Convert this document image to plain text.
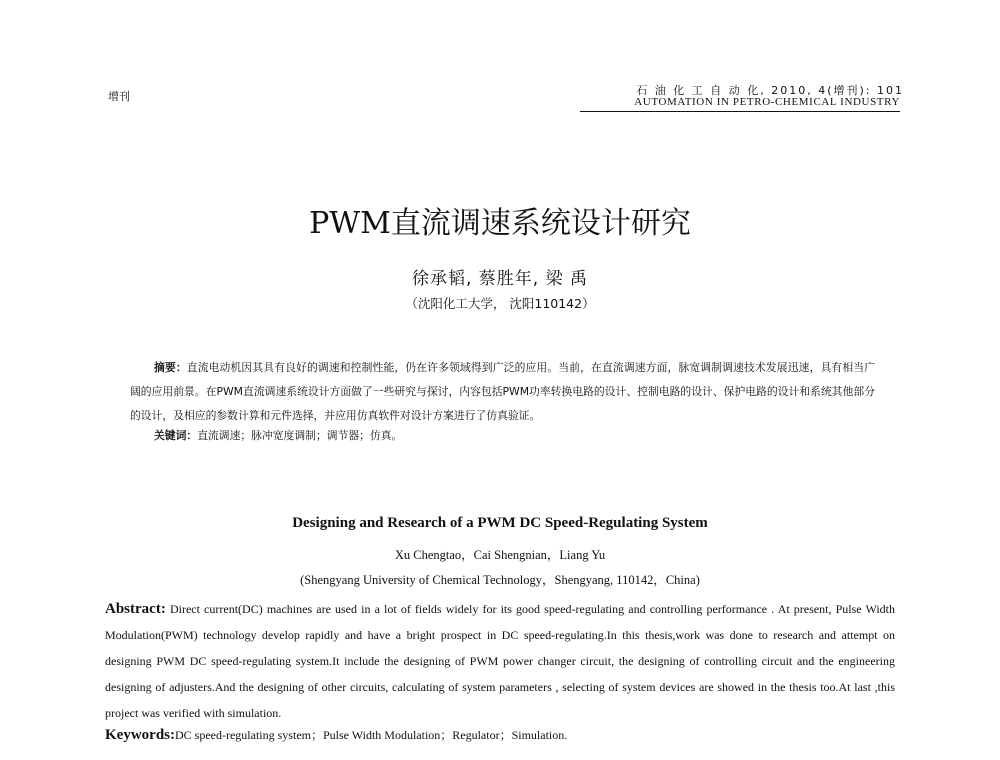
增刊	石 油 化 工 自 动 化, 2010, 4(增刊): 101
AUTOMATION IN PETRO-CHEMICAL INDUSTRY
PWM直流调速系统设计研究
徐承韬, 蔡胜年, 梁 禹
（沈阳化工大学， 沈阳110142）
摘要：直流电动机因其具有良好的调速和控制性能，仍在许多领域得到广泛的应用。当前，在直流调速方面，脉宽调制调速技术发展迅速，具有相当广阔的应用前景。在PWM直流调速系统设计方面做了一些研究与探讨，内容包括PWM功率转换电路的设计、控制电路的设计、保护电路的设计和系统其他部分的设计，及相应的参数计算和元件选择，并应用仿真软件对设计方案进行了仿真验证。
关键词：直流调速；脉冲宽度调制；调节器；仿真。
Designing and Research of a PWM DC Speed-Regulating System
Xu Chengtao，Cai Shengnian，Liang Yu
(Shengyang University of Chemical Technology，Shengyang, 110142，China)
Abstract: Direct current(DC) machines are used in a lot of fields widely for its good speed-regulating and controlling performance . At present, Pulse Width Modulation(PWM) technology develop rapidly and have a bright prospect in DC speed-regulating.In this thesis,work was done to research and attempt on designing PWM DC speed-regulating system.It include the designing of PWM power changer circuit, the designing of controlling circuit and the engineering designing of adjusters.And the designing of other circuits, calculating of system parameters , selecting of system devices are showed in the thesis too.At last ,this project was verified with simulation.
Keywords:DC speed-regulating system；Pulse Width Modulation；Regulator；Simulation.
